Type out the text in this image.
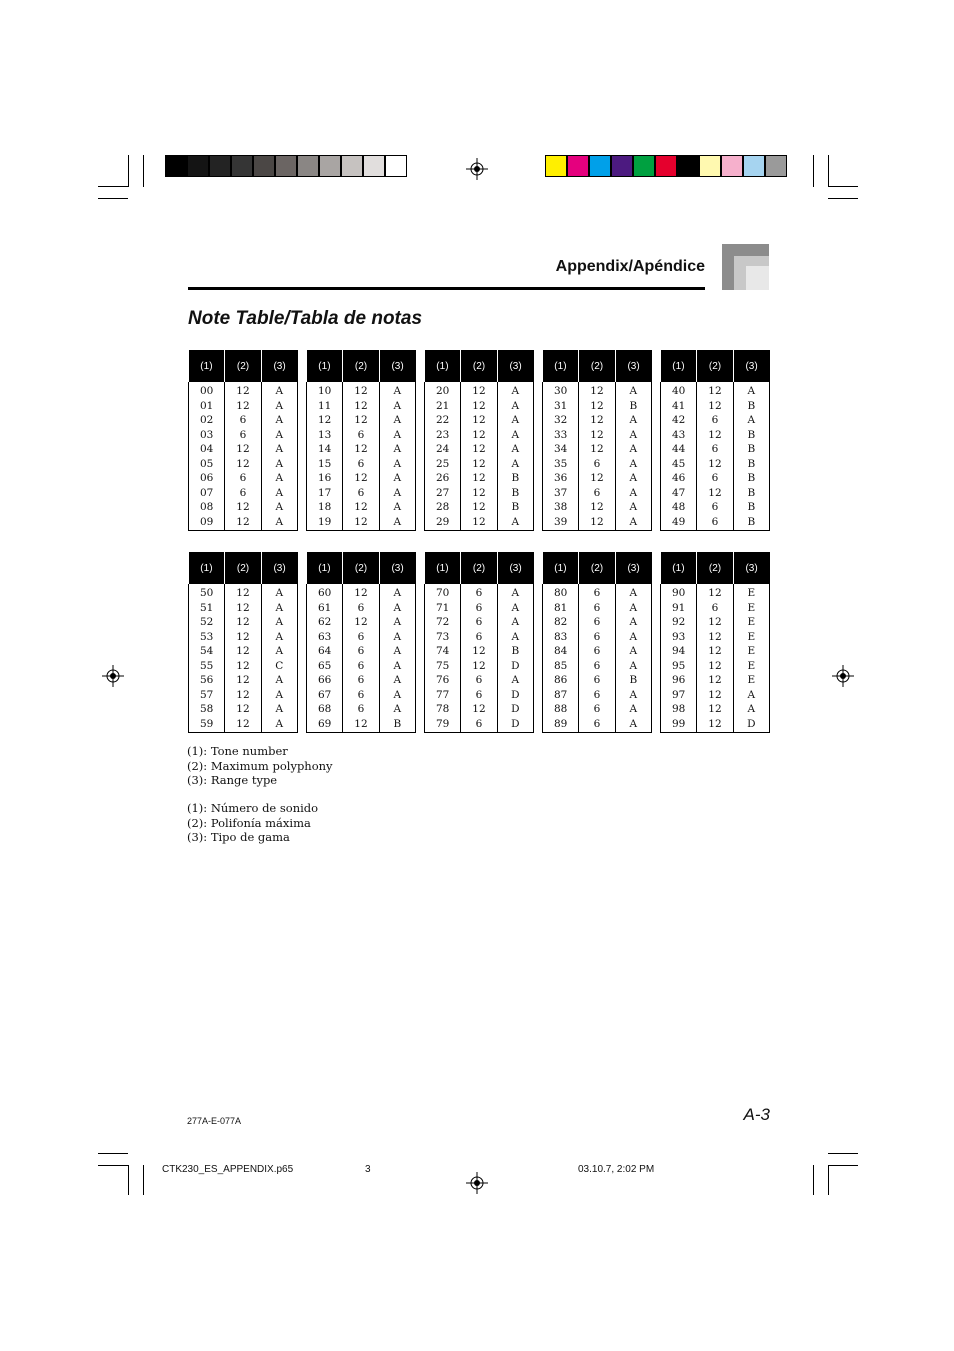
Appendix/Apéndice
Note Table/Tabla de notas
(1)	(2)	(3)
00	12	A
01	12	A
02	6	A
03	6	A
04	12	A
05	12	A
06	6	A
07	6	A
08	12	A
09	12	A
(1)	(2)	(3)
10	12	A
11	12	A
12	12	A
13	6	A
14	12	A
15	6	A
16	12	A
17	6	A
18	12	A
19	12	A
(1)	(2)	(3)
20	12	A
21	12	A
22	12	A
23	12	A
24	12	A
25	12	A
26	12	B
27	12	B
28	12	B
29	12	A
(1)	(2)	(3)
30	12	A
31	12	B
32	12	A
33	12	A
34	12	A
35	6	A
36	12	A
37	6	A
38	12	A
39	12	A
(1)	(2)	(3)
40	12	A
41	12	B
42	6	A
43	12	B
44	6	B
45	12	B
46	6	B
47	12	B
48	6	B
49	6	B
(1)	(2)	(3)
50	12	A
51	12	A
52	12	A
53	12	A
54	12	A
55	12	C
56	12	A
57	12	A
58	12	A
59	12	A
(1)	(2)	(3)
60	12	A
61	6	A
62	12	A
63	6	A
64	6	A
65	6	A
66	6	A
67	6	A
68	6	A
69	12	B
(1)	(2)	(3)
70	6	A
71	6	A
72	6	A
73	6	A
74	12	B
75	12	D
76	6	A
77	6	D
78	12	D
79	6	D
(1)	(2)	(3)
80	6	A
81	6	A
82	6	A
83	6	A
84	6	A
85	6	A
86	6	B
87	6	A
88	6	A
89	6	A
(1)	(2)	(3)
90	12	E
91	6	E
92	12	E
93	12	E
94	12	E
95	12	E
96	12	E
97	12	A
98	12	A
99	12	D
(1): Tone number
(2): Maximum polyphony
(3): Range type
(1): Número de sonido
(2): Polifonía máxima
(3): Tipo de gama
277A-E-077A	A-3
CTK230_ES_APPENDIX.p65	3	03.10.7, 2:02 PM
